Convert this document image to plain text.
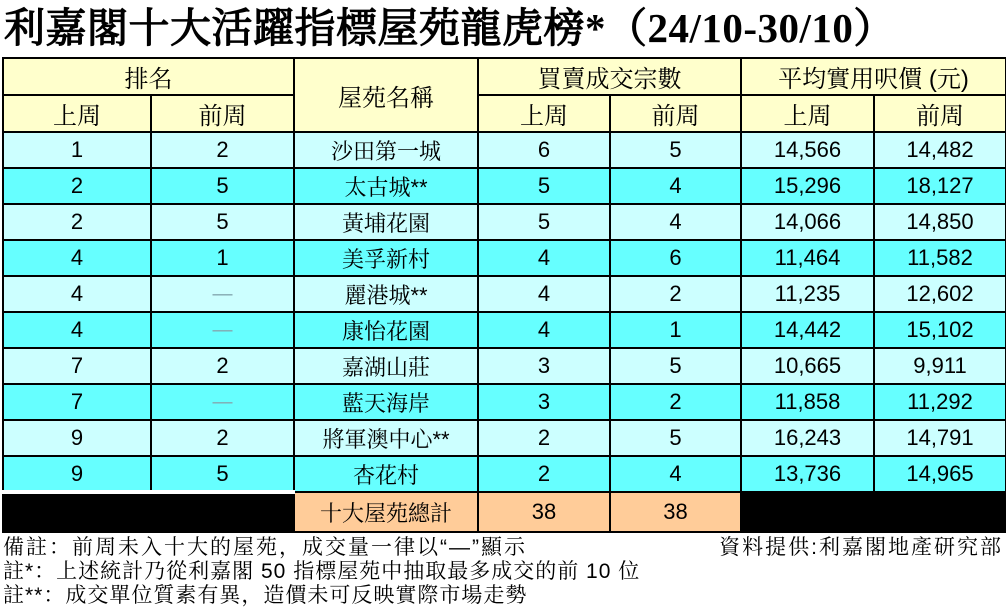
利嘉閣十大活躍指標屋苑龍虎榜*（24/10-30/10）
排名		屋苑名稱	買賣成交宗數		平均實用呎價 (元)	
上周	前周		上周	前周	上周	前周
1	2	沙田第一城	6	5	14,566	14,482
2	5	太古城**	5	4	15,296	18,127
2	5	黃埔花園	5	4	14,066	14,850
4	1	美孚新村	4	6	11,464	11,582
4	—	麗港城**	4	2	11,235	12,602
4	—	康怡花園	4	1	14,442	15,102
7	2	嘉湖山莊	3	5	10,665	9,911
7	—	藍天海岸	3	2	11,858	11,292
9	2	將軍澳中心**	2	5	16,243	14,791
9	5	杏花村	2	4	13,736	14,965
		十大屋苑總計	38	38		
備註：前周未入十大的屋苑，成交量一律以“—”顯示	資料提供:利嘉閣地產研究部
註*：上述統計乃從利嘉閣 50 指標屋苑中抽取最多成交的前 10 位
註**：成交單位質素有異，造價未可反映實際市場走勢
